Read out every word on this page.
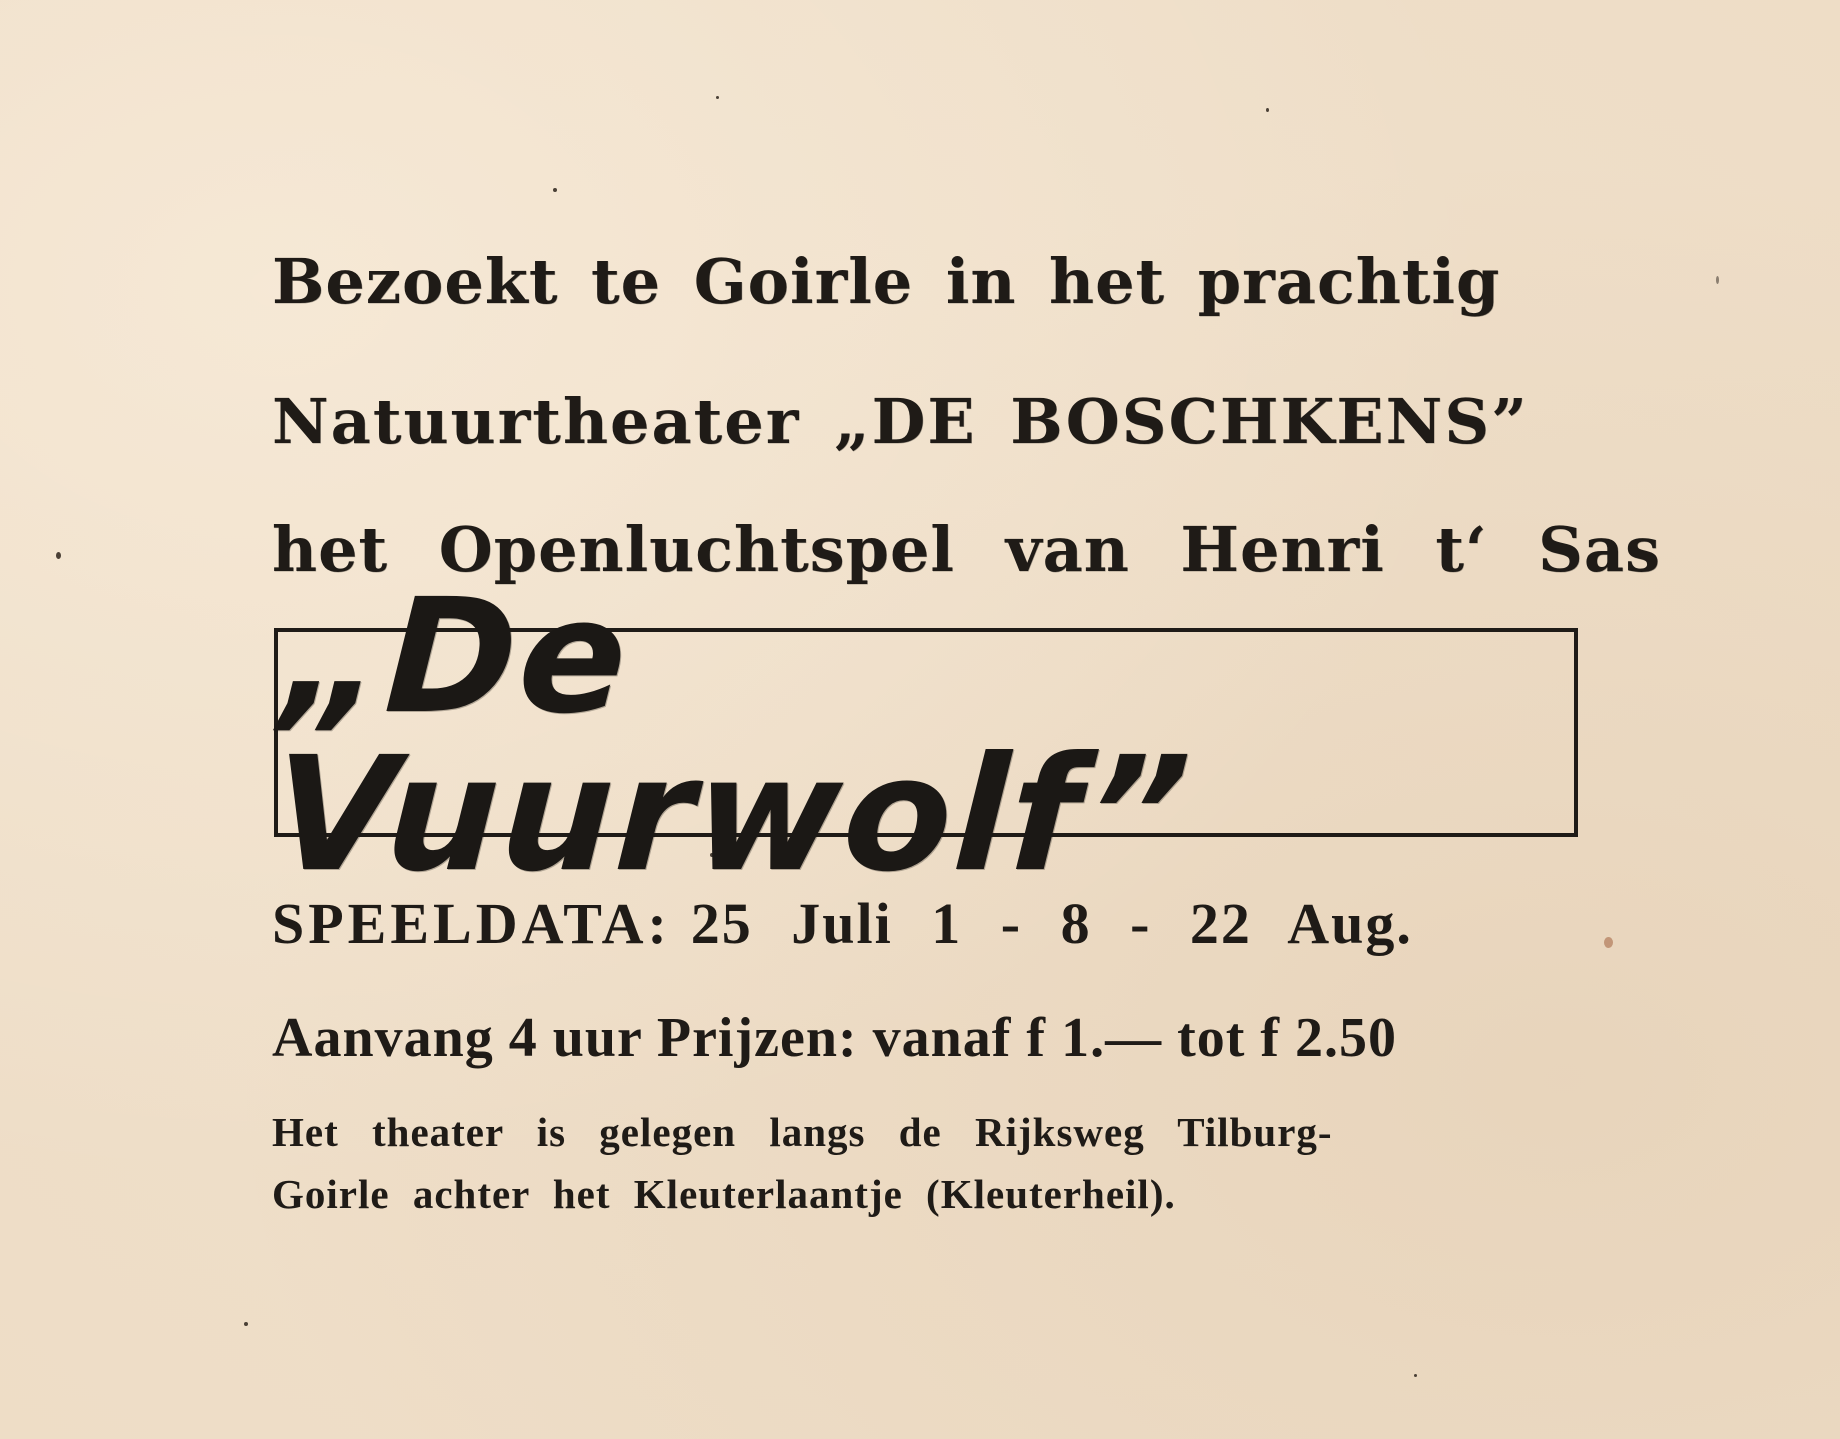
Bezoekt te Goirle in het prachtig
Natuurtheater „DE BOSCHKENS”
het Openluchtspel van Henri t‘ Sas
SPEELDATA: 25 Juli 1 - 8 - 22 Aug.
Aanvang 4 uur Prijzen: vanaf f 1.— tot f 2.50
Het theater is gelegen langs de Rijksweg Tilburg-
Goirle achter het Kleuterlaantje (Kleuterheil).
„De Vuurwolf”
